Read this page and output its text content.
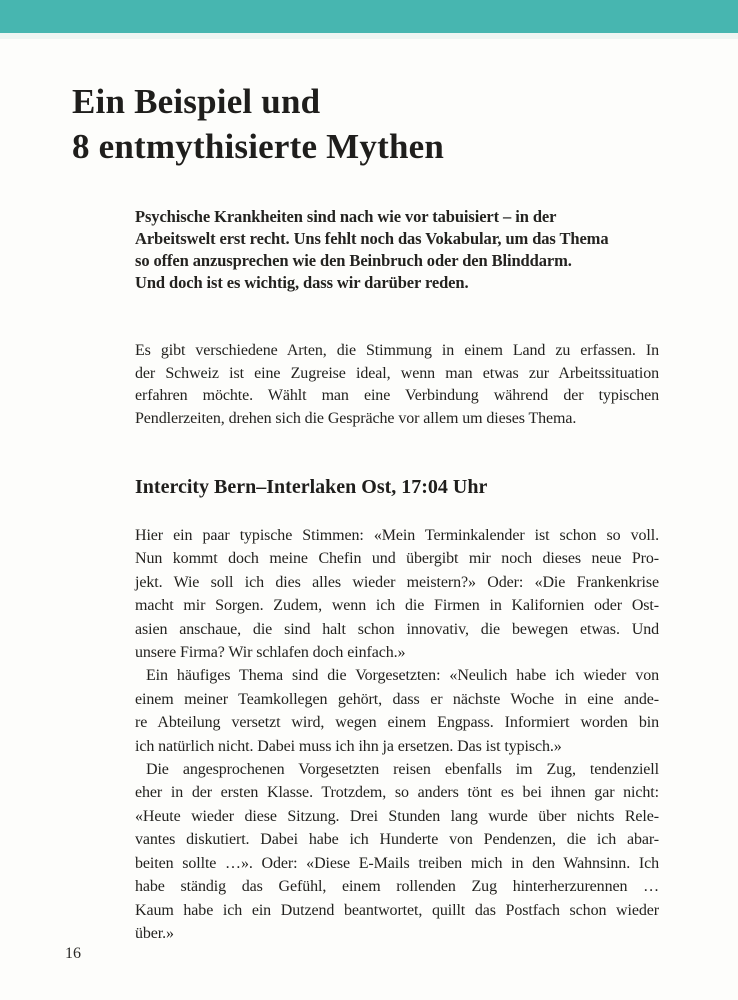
Ein Beispiel und
8 entmythisierte Mythen
Psychische Krankheiten sind nach wie vor tabuisiert – in der
Arbeitswelt erst recht. Uns fehlt noch das Vokabular, um das Thema
so offen anzusprechen wie den Beinbruch oder den Blinddarm.
Und doch ist es wichtig, dass wir darüber reden.
Es gibt verschiedene Arten, die Stimmung in einem Land zu erfassen. In
der Schweiz ist eine Zugreise ideal, wenn man etwas zur Arbeitssituation
erfahren möchte. Wählt man eine Verbindung während der typischen
Pendlerzeiten, drehen sich die Gespräche vor allem um dieses Thema.
Intercity Bern–Interlaken Ost, 17:04 Uhr

Hier ein paar typische Stimmen: «Mein Terminkalender ist schon so voll.
Nun kommt doch meine Chefin und übergibt mir noch dieses neue Pro-
jekt. Wie soll ich dies alles wieder meistern?» Oder: «Die Frankenkrise
macht mir Sorgen. Zudem, wenn ich die Firmen in Kalifornien oder Ost-
asien anschaue, die sind halt schon innovativ, die bewegen etwas. Und
unsere Firma? Wir schlafen doch einfach.»

Ein häufiges Thema sind die Vorgesetzten: «Neulich habe ich wieder von
einem meiner Teamkollegen gehört, dass er nächste Woche in eine ande-
re Abteilung versetzt wird, wegen einem Engpass. Informiert worden bin
ich natürlich nicht. Dabei muss ich ihn ja ersetzen. Das ist typisch.»

Die angesprochenen Vorgesetzten reisen ebenfalls im Zug, tendenziell
eher in der ersten Klasse. Trotzdem, so anders tönt es bei ihnen gar nicht:
«Heute wieder diese Sitzung. Drei Stunden lang wurde über nichts Rele-
vantes diskutiert. Dabei habe ich Hunderte von Pendenzen, die ich abar-
beiten sollte …». Oder: «Diese E-Mails treiben mich in den Wahnsinn. Ich
habe ständig das Gefühl, einem rollenden Zug hinterherzurennen …
Kaum habe ich ein Dutzend beantwortet, quillt das Postfach schon wieder
über.»

16
